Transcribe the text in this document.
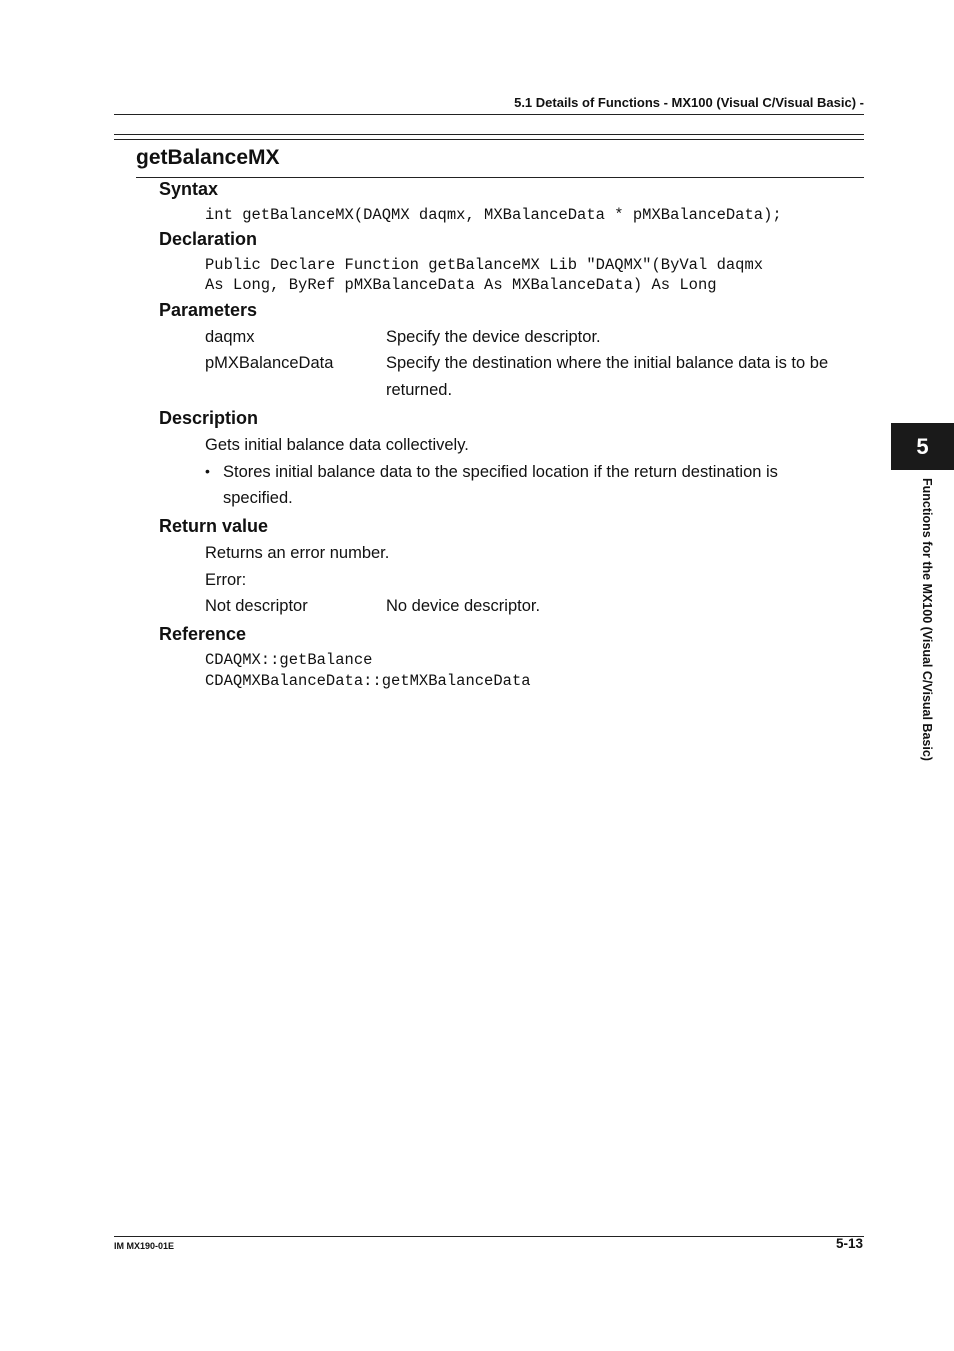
5.1 Details of Functions - MX100 (Visual C/Visual Basic) -
getBalanceMX
Syntax
int getBalanceMX(DAQMX daqmx, MXBalanceData * pMXBalanceData);
Declaration
Public Declare Function getBalanceMX Lib "DAQMX"(ByVal daqmx
As Long, ByRef pMXBalanceData As MXBalanceData) As Long
Parameters
daqmx	Specify the device descriptor.
pMXBalanceData	Specify the destination where the initial balance data is to be
returned.
Description
Gets initial balance data collectively.
• Stores initial balance data to the specified location if the return destination is
specified.
Return value
Returns an error number.
Error:
Not descriptor	No device descriptor.
Reference
CDAQMX::getBalance
CDAQMXBalanceData::getMXBalanceData
5
Functions for the MX100 (Visual C/Visual Basic)
IM MX190-01E	5-13
